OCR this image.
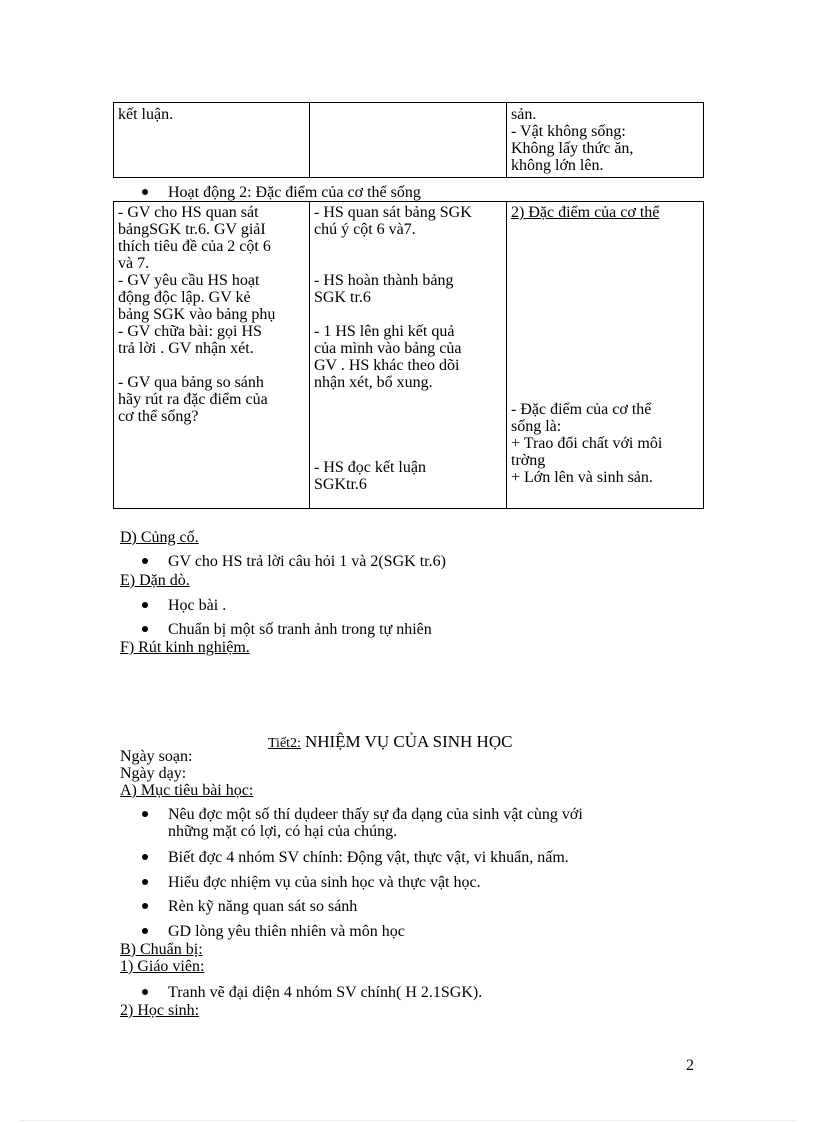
kết luận.	sản.
- Vật không sống:
Không lấy thức ăn,
không lớn lên.
Hoạt động 2: Đặc điểm của cơ thể sống
- GV cho HS quan sát
bảngSGK tr.6. GV giảI
thích tiêu đề của 2 cột 6
và 7.
- GV yêu cầu HS hoạt
động độc lập. GV kẻ
bảng SGK vào bảng phụ
- GV chữa bài: gọi HS
trả lời . GV nhận xét.
- GV qua bảng so sánh
hãy rút ra đặc điểm của
cơ thể sống?
- HS quan sát bảng SGK
chú ý cột 6 và7.
- HS hoàn thành bảng
SGK tr.6
- 1 HS lên ghi kết quả
của mình vào bảng của
GV . HS khác theo dõi
nhận xét, bổ xung.
- HS đọc kết luận
SGKtr.6
2) Đặc điểm của cơ thể
- Đặc điểm của cơ thể
sống là:
+ Trao đổi chất với môi
trờng
+ Lớn lên và sinh sản.
D) Củng cố.
GV cho HS trả lời câu hỏi 1 và 2(SGK tr.6)
E) Dặn dò.
Học bài .
Chuẩn bị một số tranh ảnh trong tự nhiên
F) Rút kinh nghiệm.
Tiết2: NHIỆM VỤ CỦA SINH HỌC
Ngày soạn:
Ngày dạy:
A) Mục tiêu bài học:
Nêu đợc một số thí dụdeer thấy sự đa dạng của sinh vật cùng với
những mặt có lợi, có hại của chúng.
Biết đợc 4 nhóm SV chính: Động vật, thực vật, vi khuẩn, nấm.
Hiểu đợc nhiệm vụ của sinh học và thực vật học.
Rèn kỹ năng quan sát so sánh
GD lòng yêu thiên nhiên và môn học
B) Chuẩn bị:
1) Giáo viên:
Tranh vẽ đại diện 4 nhóm SV chính( H 2.1SGK).
2) Học sinh:
2
